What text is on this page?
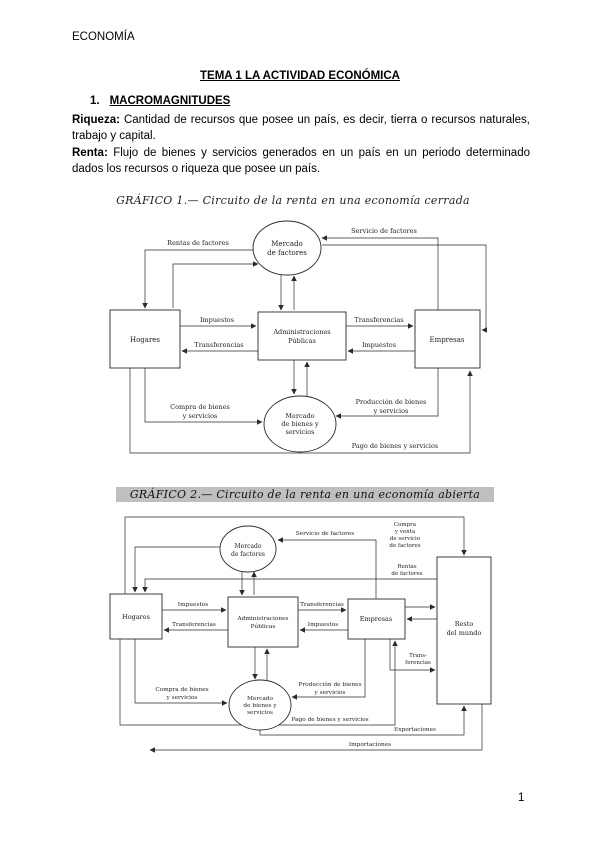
ECONOMÍA
TEMA 1 LA ACTIVIDAD ECONÓMICA
1. MACROMAGNITUDES

Riqueza: Cantidad de recursos que posee un país, es decir, tierra o recursos naturales, trabajo y capital.

Renta: Flujo de bienes y servicios generados en un país en un periodo determinado dados los recursos o riqueza que posee un país.

GRÁFICO 1.— Circuito de la renta en una economía cerrada
Mercado
de factores
Hogares
Administraciones
Públicas	Empresas
Mercado
de bienes y
servicios
Rentas de factores
Servicio de factores
Impuestos
Transferencias
Transferencias
Impuestos
Compra de bienes
y servicios
Producción de bienes
y servicios
Pago de bienes y servicios
GRÁFICO 2.— Circuito de la renta en una economía abierta
Mercado
de factores
Hogares	Administraciones
Públicas
Empresas
Resto
del mundo
Mercado
de bienes y
servicios
Servicio de factores
Compra
y venta
de servicio
de factores
Rentas
de factores
Impuestos
Transferencias
Transferencias
Impuestos
Trans-
ferencias
Compra de bienes
y servicios
Producción de bienes
y servicios
Pago de bienes y servicios
Exportaciones
Importaciones
1
